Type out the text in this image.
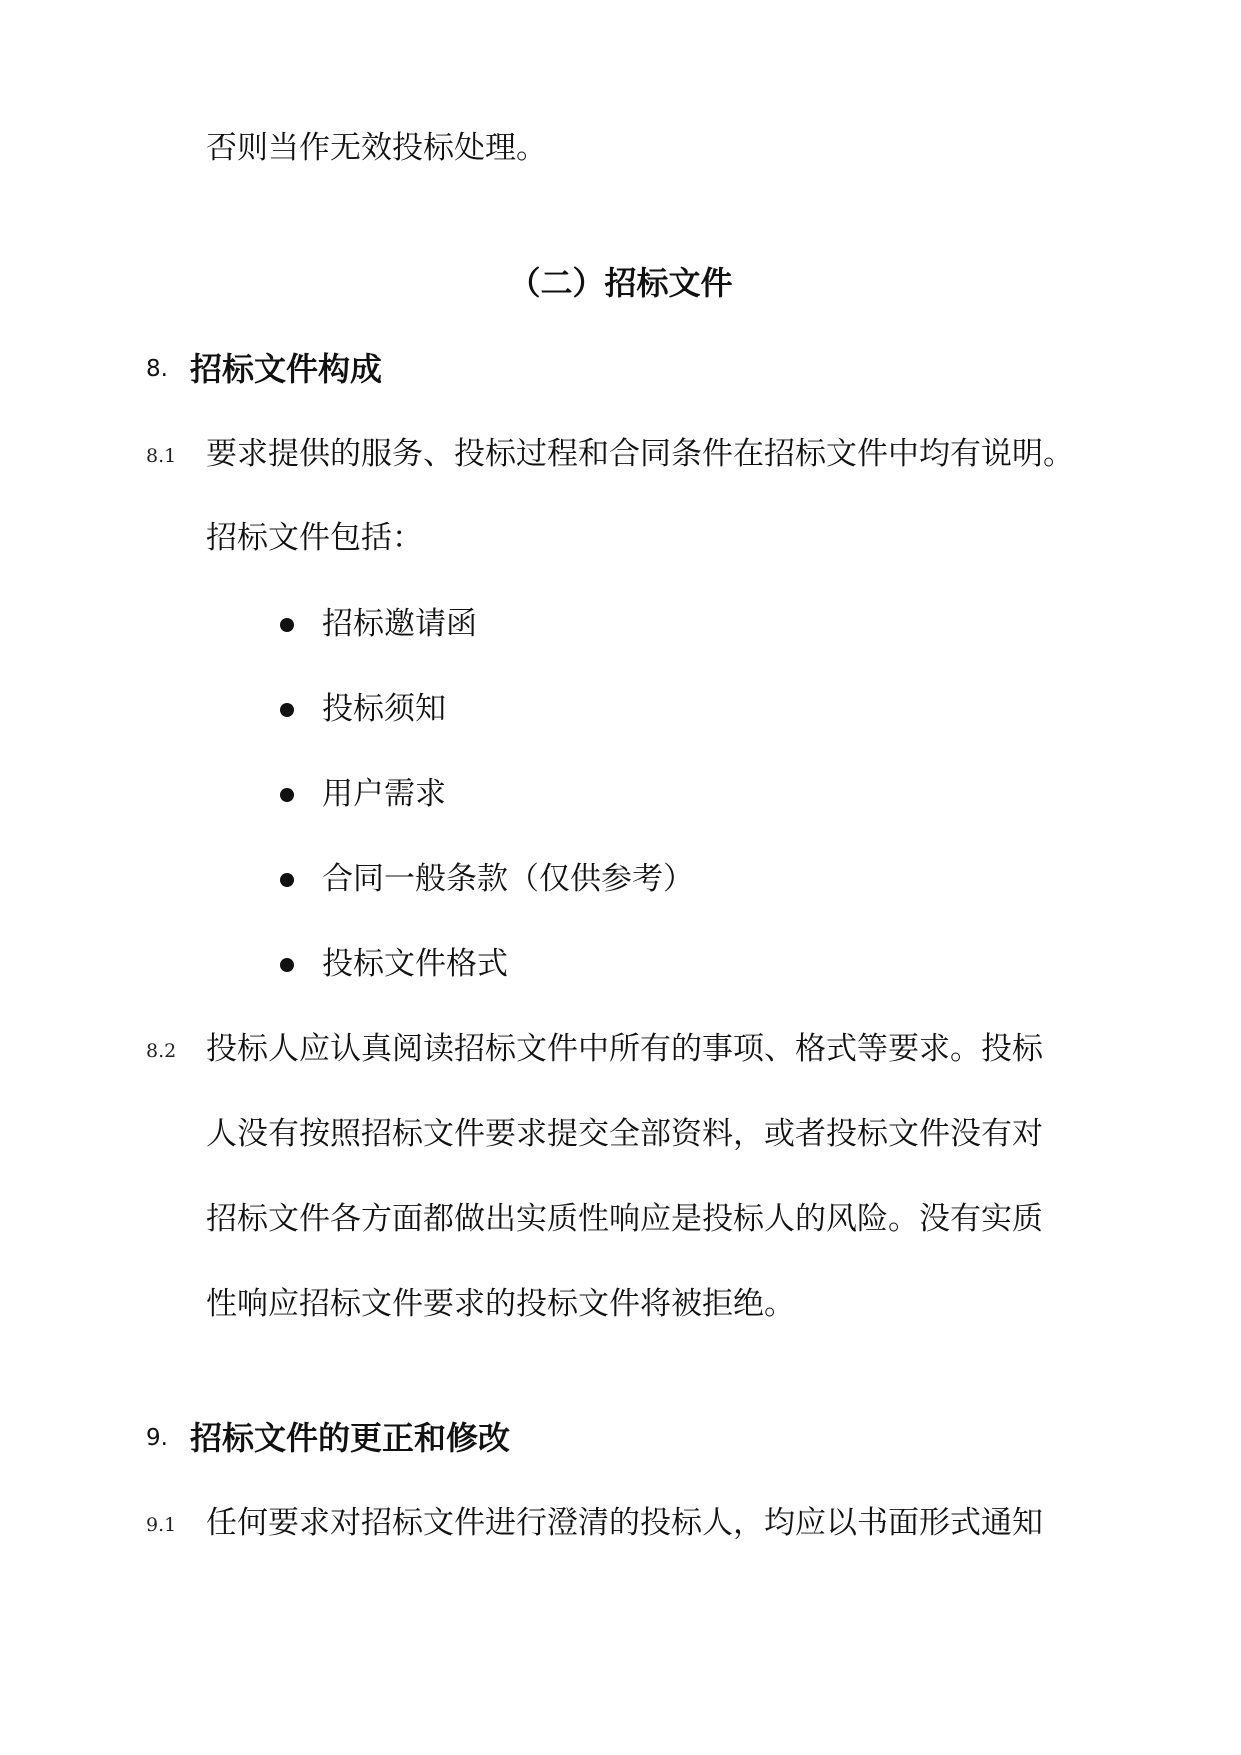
否则当作无效投标处理。
（二）招标文件
8. 招标文件构成
8.1 要求提供的服务、投标过程和合同条件在招标文件中均有说明。
招标文件包括：
招标邀请函
投标须知
用户需求
合同一般条款（仅供参考）
投标文件格式
8.2 投标人应认真阅读招标文件中所有的事项、格式等要求。投标
人没有按照招标文件要求提交全部资料，或者投标文件没有对
招标文件各方面都做出实质性响应是投标人的风险。没有实质
性响应招标文件要求的投标文件将被拒绝。
9. 招标文件的更正和修改
9.1 任何要求对招标文件进行澄清的投标人，均应以书面形式通知
